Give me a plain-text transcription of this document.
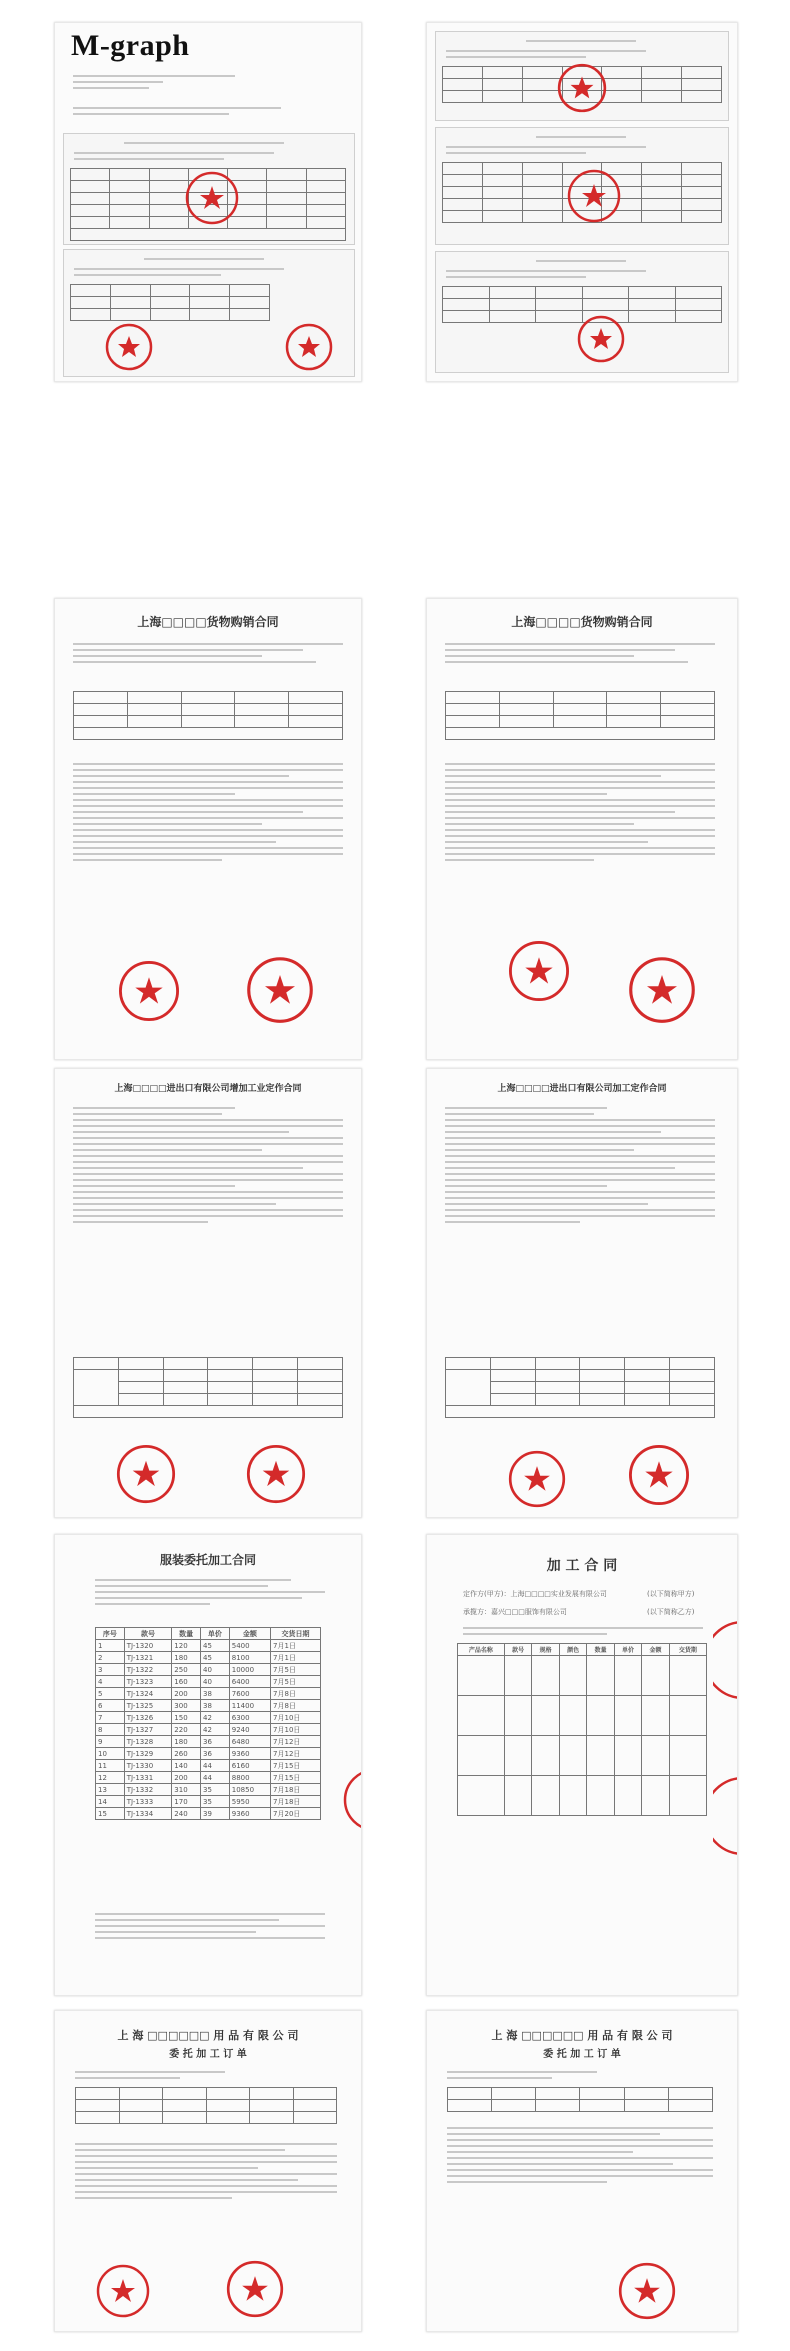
M-graph

上海□□□□货物购销合同

					上海□□□□货物购销合同

上海□□□□进出口有限公司增加工业定作合同

					上海□□□□进出口有限公司加工定作合同

服装委托加工合同
序号	款号	数量	单价	金额	交货日期
1	TJ-1320	120	45	5400	7月1日
2	TJ-1321	180	45	8100	7月1日
3	TJ-1322	250	40	10000	7月5日
4	TJ-1323	160	40	6400	7月5日
5	TJ-1324	200	38	7600	7月8日
6	TJ-1325	300	38	11400	7月8日
7	TJ-1326	150	42	6300	7月10日
8	TJ-1327	220	42	9240	7月10日
9	TJ-1328	180	36	6480	7月12日
10	TJ-1329	260	36	9360	7月12日
11	TJ-1330	140	44	6160	7月15日
12	TJ-1331	200	44	8800	7月15日
13	TJ-1332	310	35	10850	7月18日
14	TJ-1333	170	35	5950	7月18日
15	TJ-1334	240	39	9360	7月20日
加 工 合 同
定作方(甲方)：上海□□□□实业发展有限公司	(以下简称甲方)
承揽方：嘉兴□□□服饰有限公司	(以下简称乙方)
产品名称	款号	规格	颜色	数量	单价	金额	交货期

上 海 □□□□□□ 用 品 有 限 公 司
委 托 加 工 订 单

上 海 □□□□□□ 用 品 有 限 公 司
委 托 加 工 订 单
